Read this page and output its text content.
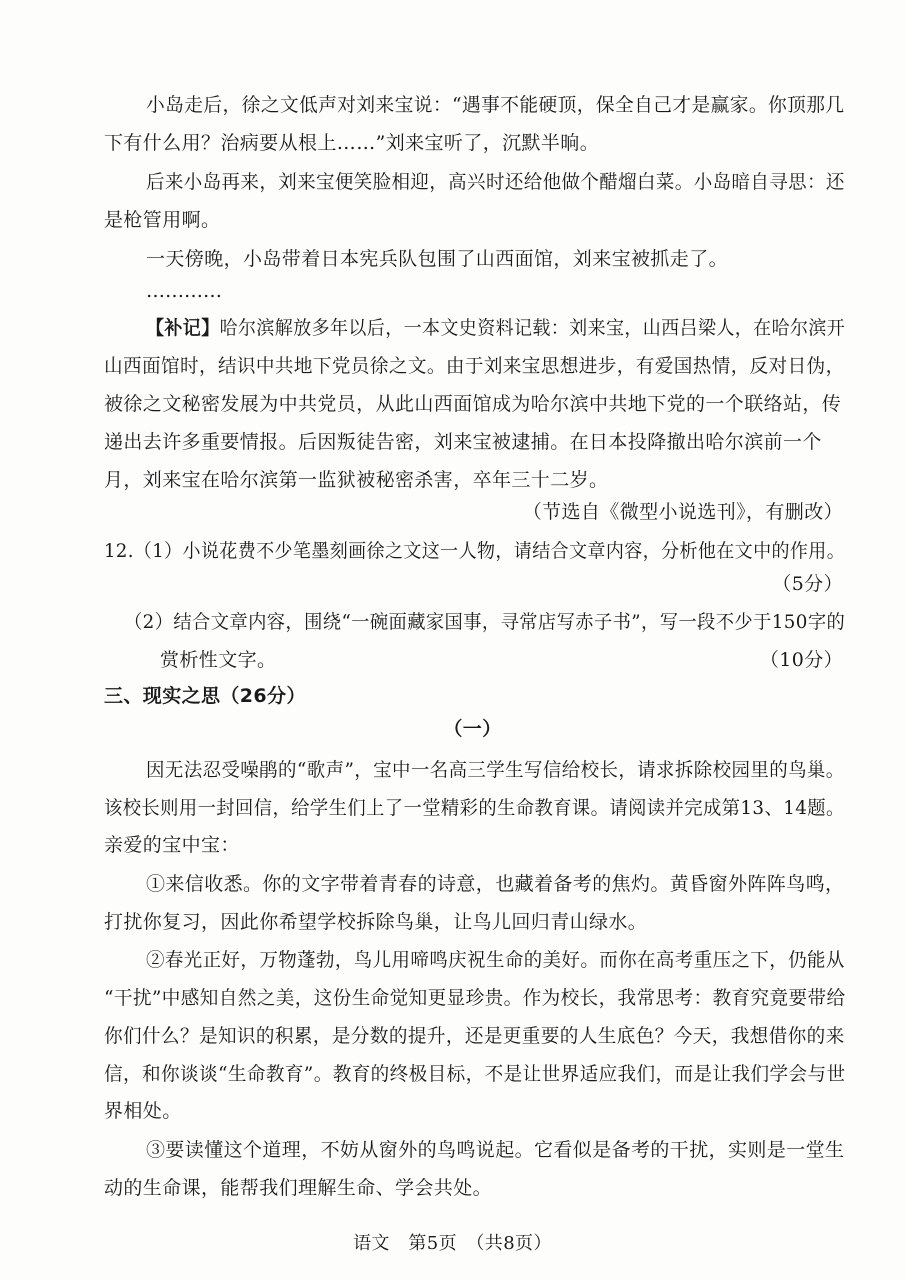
小岛走后，徐之文低声对刘来宝说：“遇事不能硬顶，保全自己才是赢家。你顶那几
下有什么用？治病要从根上……”刘来宝听了，沉默半晌。
后来小岛再来，刘来宝便笑脸相迎，高兴时还给他做个醋熘白菜。小岛暗自寻思：还
是枪管用啊。
一天傍晚，小岛带着日本宪兵队包围了山西面馆，刘来宝被抓走了。
…………
【补记】哈尔滨解放多年以后，一本文史资料记载：刘来宝，山西吕梁人，在哈尔滨开
山西面馆时，结识中共地下党员徐之文。由于刘来宝思想进步，有爱国热情，反对日伪，
被徐之文秘密发展为中共党员，从此山西面馆成为哈尔滨中共地下党的一个联络站，传
递出去许多重要情报。后因叛徒告密，刘来宝被逮捕。在日本投降撤出哈尔滨前一个
月，刘来宝在哈尔滨第一监狱被秘密杀害，卒年三十二岁。
（节选自《微型小说选刊》，有删改）
12.（1）小说花费不少笔墨刻画徐之文这一人物，请结合文章内容，分析他在文中的作用。
（5分）
（2）结合文章内容，围绕“一碗面藏家国事，寻常店写赤子书”，写一段不少于150字的
赏析性文字。	（10分）
三、现实之思（26分）
（一）
因无法忍受噪鹃的“歌声”，宝中一名高三学生写信给校长，请求拆除校园里的鸟巢。
该校长则用一封回信，给学生们上了一堂精彩的生命教育课。请阅读并完成第13、14题。
亲爱的宝中宝：
①来信收悉。你的文字带着青春的诗意，也藏着备考的焦灼。黄昏窗外阵阵鸟鸣，
打扰你复习，因此你希望学校拆除鸟巢，让鸟儿回归青山绿水。
②春光正好，万物蓬勃，鸟儿用啼鸣庆祝生命的美好。而你在高考重压之下，仍能从
“干扰”中感知自然之美，这份生命觉知更显珍贵。作为校长，我常思考：教育究竟要带给
你们什么？是知识的积累，是分数的提升，还是更重要的人生底色？今天，我想借你的来
信，和你谈谈“生命教育”。教育的终极目标，不是让世界适应我们，而是让我们学会与世
界相处。
③要读懂这个道理，不妨从窗外的鸟鸣说起。它看似是备考的干扰，实则是一堂生
动的生命课，能帮我们理解生命、学会共处。
语文　第5页　（共8页）
